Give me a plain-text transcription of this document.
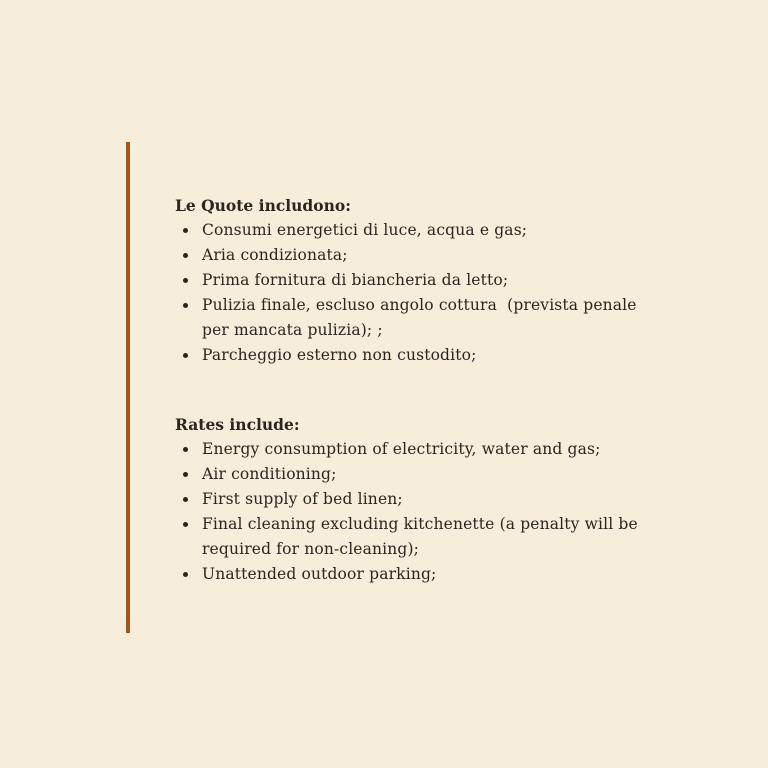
Le Quote includono:

Consumi energetici di luce, acqua e gas;
Aria condizionata;
Prima fornitura di biancheria da letto;
Pulizia finale, escluso angolo cottura  (prevista penale per mancata pulizia); ;
Parcheggio esterno non custodito;

Rates include:

Energy consumption of electricity, water and gas;
Air conditioning;
First supply of bed linen;
Final cleaning excluding kitchenette (a penalty will be required for non-cleaning);
Unattended outdoor parking;
